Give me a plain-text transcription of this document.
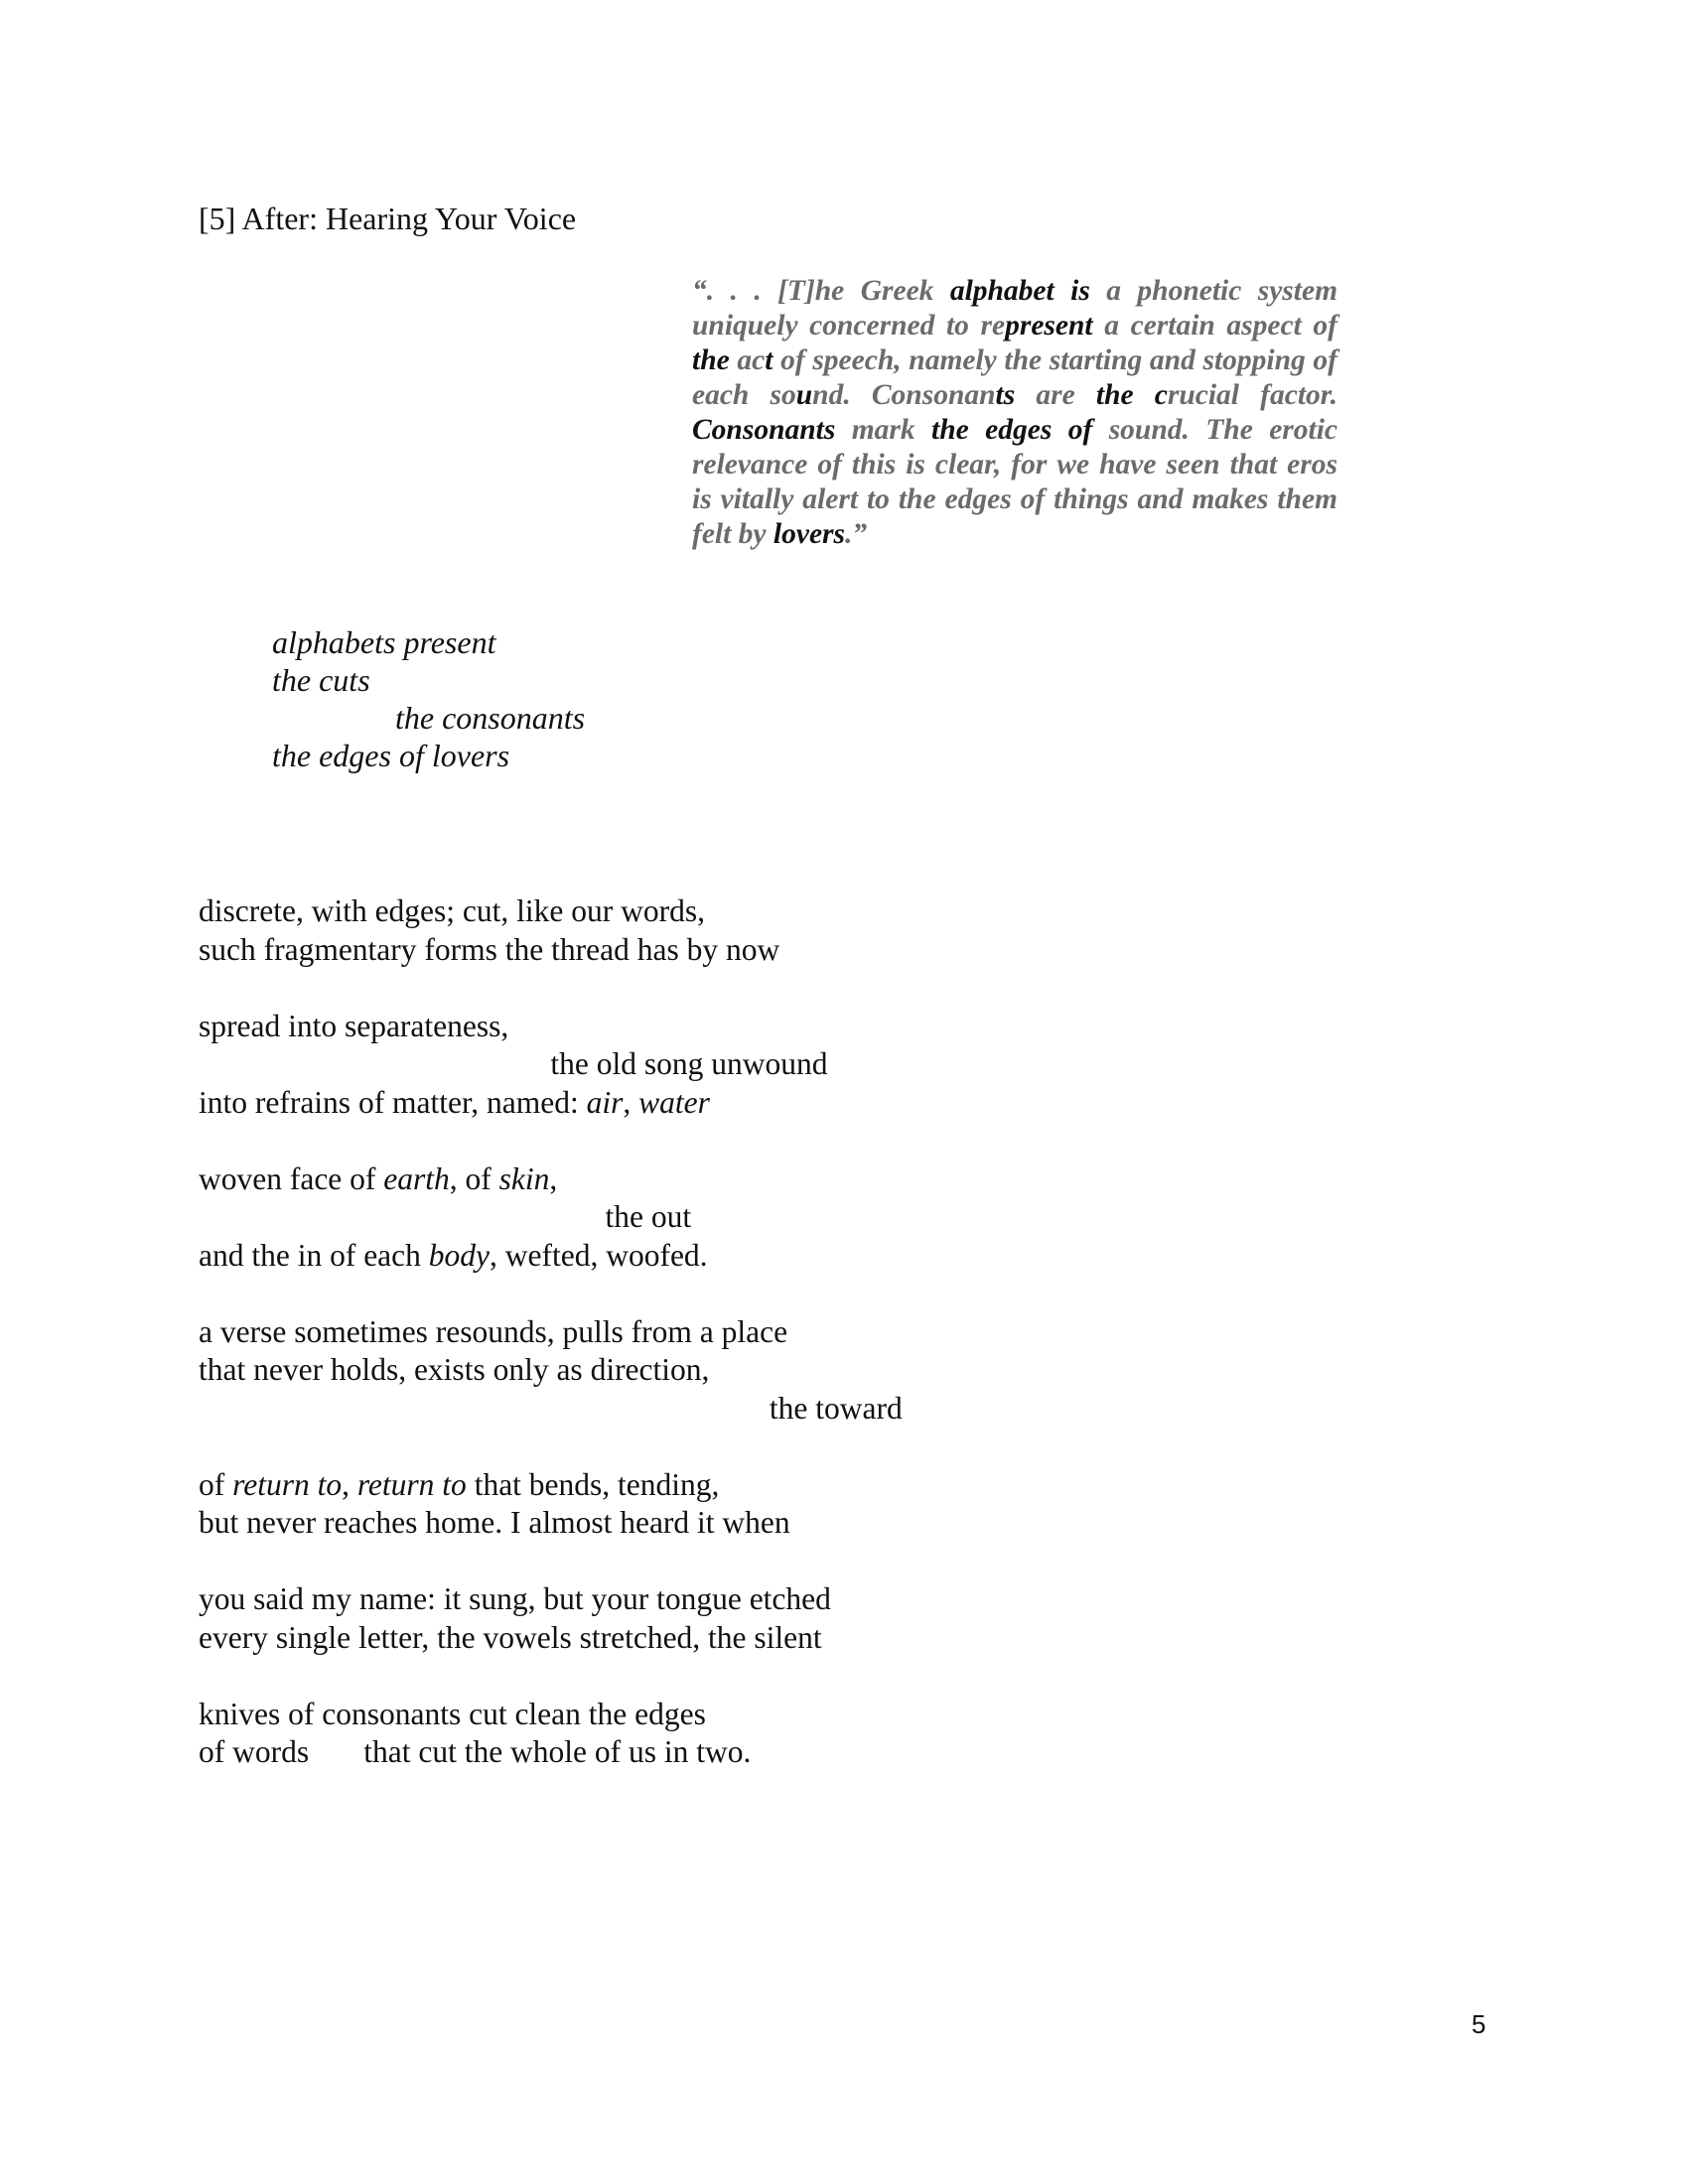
[5] After: Hearing Your Voice
“. . . [T]he Greek alphabet is a phonetic system
uniquely concerned to represent a certain aspect of
the act of speech, namely the starting and stopping of
each sound. Consonants are the crucial factor.
Consonants mark the edges of sound. The erotic
relevance of this is clear, for we have seen that eros
is vitally alert to the edges of things and makes them
felt by lovers.”
alphabets present
the cuts
the consonants
the edges of lovers
discrete, with edges; cut, like our words,
such fragmentary forms the thread has by now

spread into separateness,
the old song unwound
into refrains of matter, named: air, water

woven face of earth, of skin,
the out
and the in of each body, wefted, woofed.

a verse sometimes resounds, pulls from a place
that never holds, exists only as direction,
the toward

of return to, return to that bends, tending,
but never reaches home. I almost heard it when

you said my name: it sung, but your tongue etched
every single letter, the vowels stretched, the silent

knives of consonants cut clean the edges
of words       that cut the whole of us in two.
5
